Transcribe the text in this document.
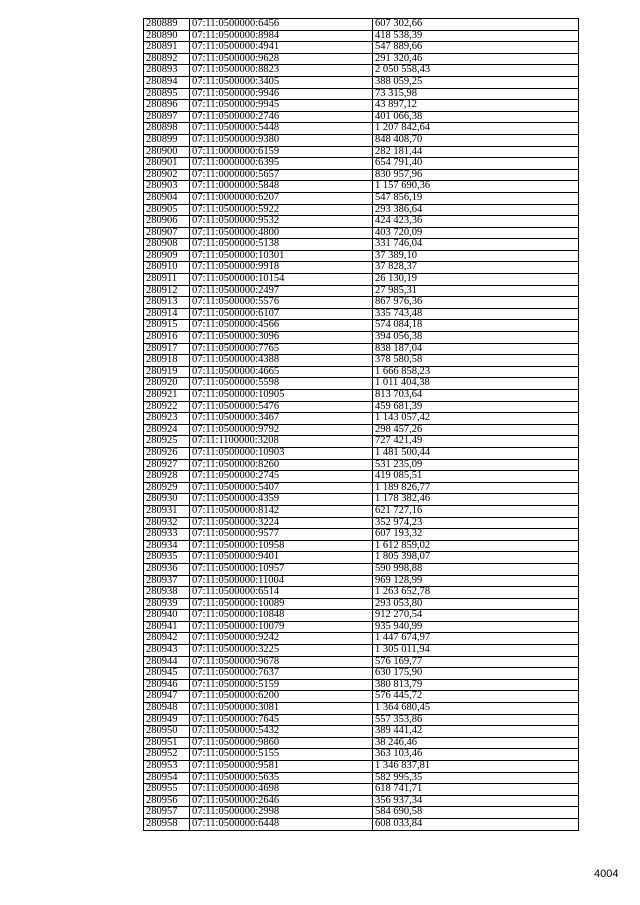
280889	07:11:0500000:6456	607 302,66
280890	07:11:0500000:8984	418 538,39
280891	07:11:0500000:4941	547 889,66
280892	07:11:0500000:9628	291 320,46
280893	07:11:0500000:8823	2 050 558,43
280894	07:11:0500000:3405	388 059,25
280895	07:11:0500000:9946	73 315,98
280896	07:11:0500000:9945	43 897,12
280897	07:11:0500000:2746	401 066,38
280898	07:11:0500000:5448	1 207 842,64
280899	07:11:0500000:9380	848 408,70
280900	07:11:0000000:6159	282 181,44
280901	07:11:0000000:6395	654 791,40
280902	07:11:0000000:5657	830 957,96
280903	07:11:0000000:5848	1 157 690,36
280904	07:11:0000000:6207	547 856,19
280905	07:11:0500000:5922	293 386,64
280906	07:11:0500000:9532	424 423,36
280907	07:11:0500000:4800	403 720,09
280908	07:11:0500000:5138	331 746,04
280909	07:11:0500000:10301	37 389,10
280910	07:11:0500000:9918	37 828,37
280911	07:11:0500000:10154	26 130,19
280912	07:11:0500000:2497	27 985,31
280913	07:11:0500000:5576	867 976,36
280914	07:11:0500000:6107	335 743,48
280915	07:11:0500000:4566	574 084,18
280916	07:11:0500000:3096	394 056,38
280917	07:11:0500000:7765	838 187,04
280918	07:11:0500000:4388	378 580,58
280919	07:11:0500000:4665	1 666 858,23
280920	07:11:0500000:5598	1 011 404,38
280921	07:11:0500000:10905	813 703,64
280922	07:11:0500000:5476	459 681,39
280923	07:11:0500000:3467	1 143 057,42
280924	07:11:0500000:9792	298 457,26
280925	07:11:1100000:3208	727 421,49
280926	07:11:0500000:10903	1 481 500,44
280927	07:11:0500000:8260	531 235,09
280928	07:11:0500000:2745	419 085,51
280929	07:11:0500000:5407	1 189 826,77
280930	07:11:0500000:4359	1 178 382,46
280931	07:11:0500000:8142	621 727,16
280932	07:11:0500000:3224	352 974,23
280933	07:11:0500000:9577	607 193,32
280934	07:11:0500000:10958	1 612 859,02
280935	07:11:0500000:9401	1 805 398,07
280936	07:11:0500000:10957	590 998,88
280937	07:11:0500000:11004	969 128,99
280938	07:11:0500000:6514	1 263 652,78
280939	07:11:0500000:10089	293 053,80
280940	07:11:0500000:10848	912 270,54
280941	07:11:0500000:10079	935 940,99
280942	07:11:0500000:9242	1 447 674,97
280943	07:11:0500000:3225	1 305 011,94
280944	07:11:0500000:9678	576 169,77
280945	07:11:0500000:7637	630 175,90
280946	07:11:0500000:5159	380 813,79
280947	07:11:0500000:6200	576 445,72
280948	07:11:0500000:3081	1 364 680,45
280949	07:11:0500000:7645	557 353,86
280950	07:11:0500000:5432	389 441,42
280951	07:11:0500000:9860	38 246,46
280952	07:11:0500000:5155	363 103,46
280953	07:11:0500000:9581	1 346 837,81
280954	07:11:0500000:5635	582 995,35
280955	07:11:0500000:4698	618 741,71
280956	07:11:0500000:2646	356 937,34
280957	07:11:0500000:2998	584 690,58
280958	07:11:0500000:6448	608 033,84
4004
